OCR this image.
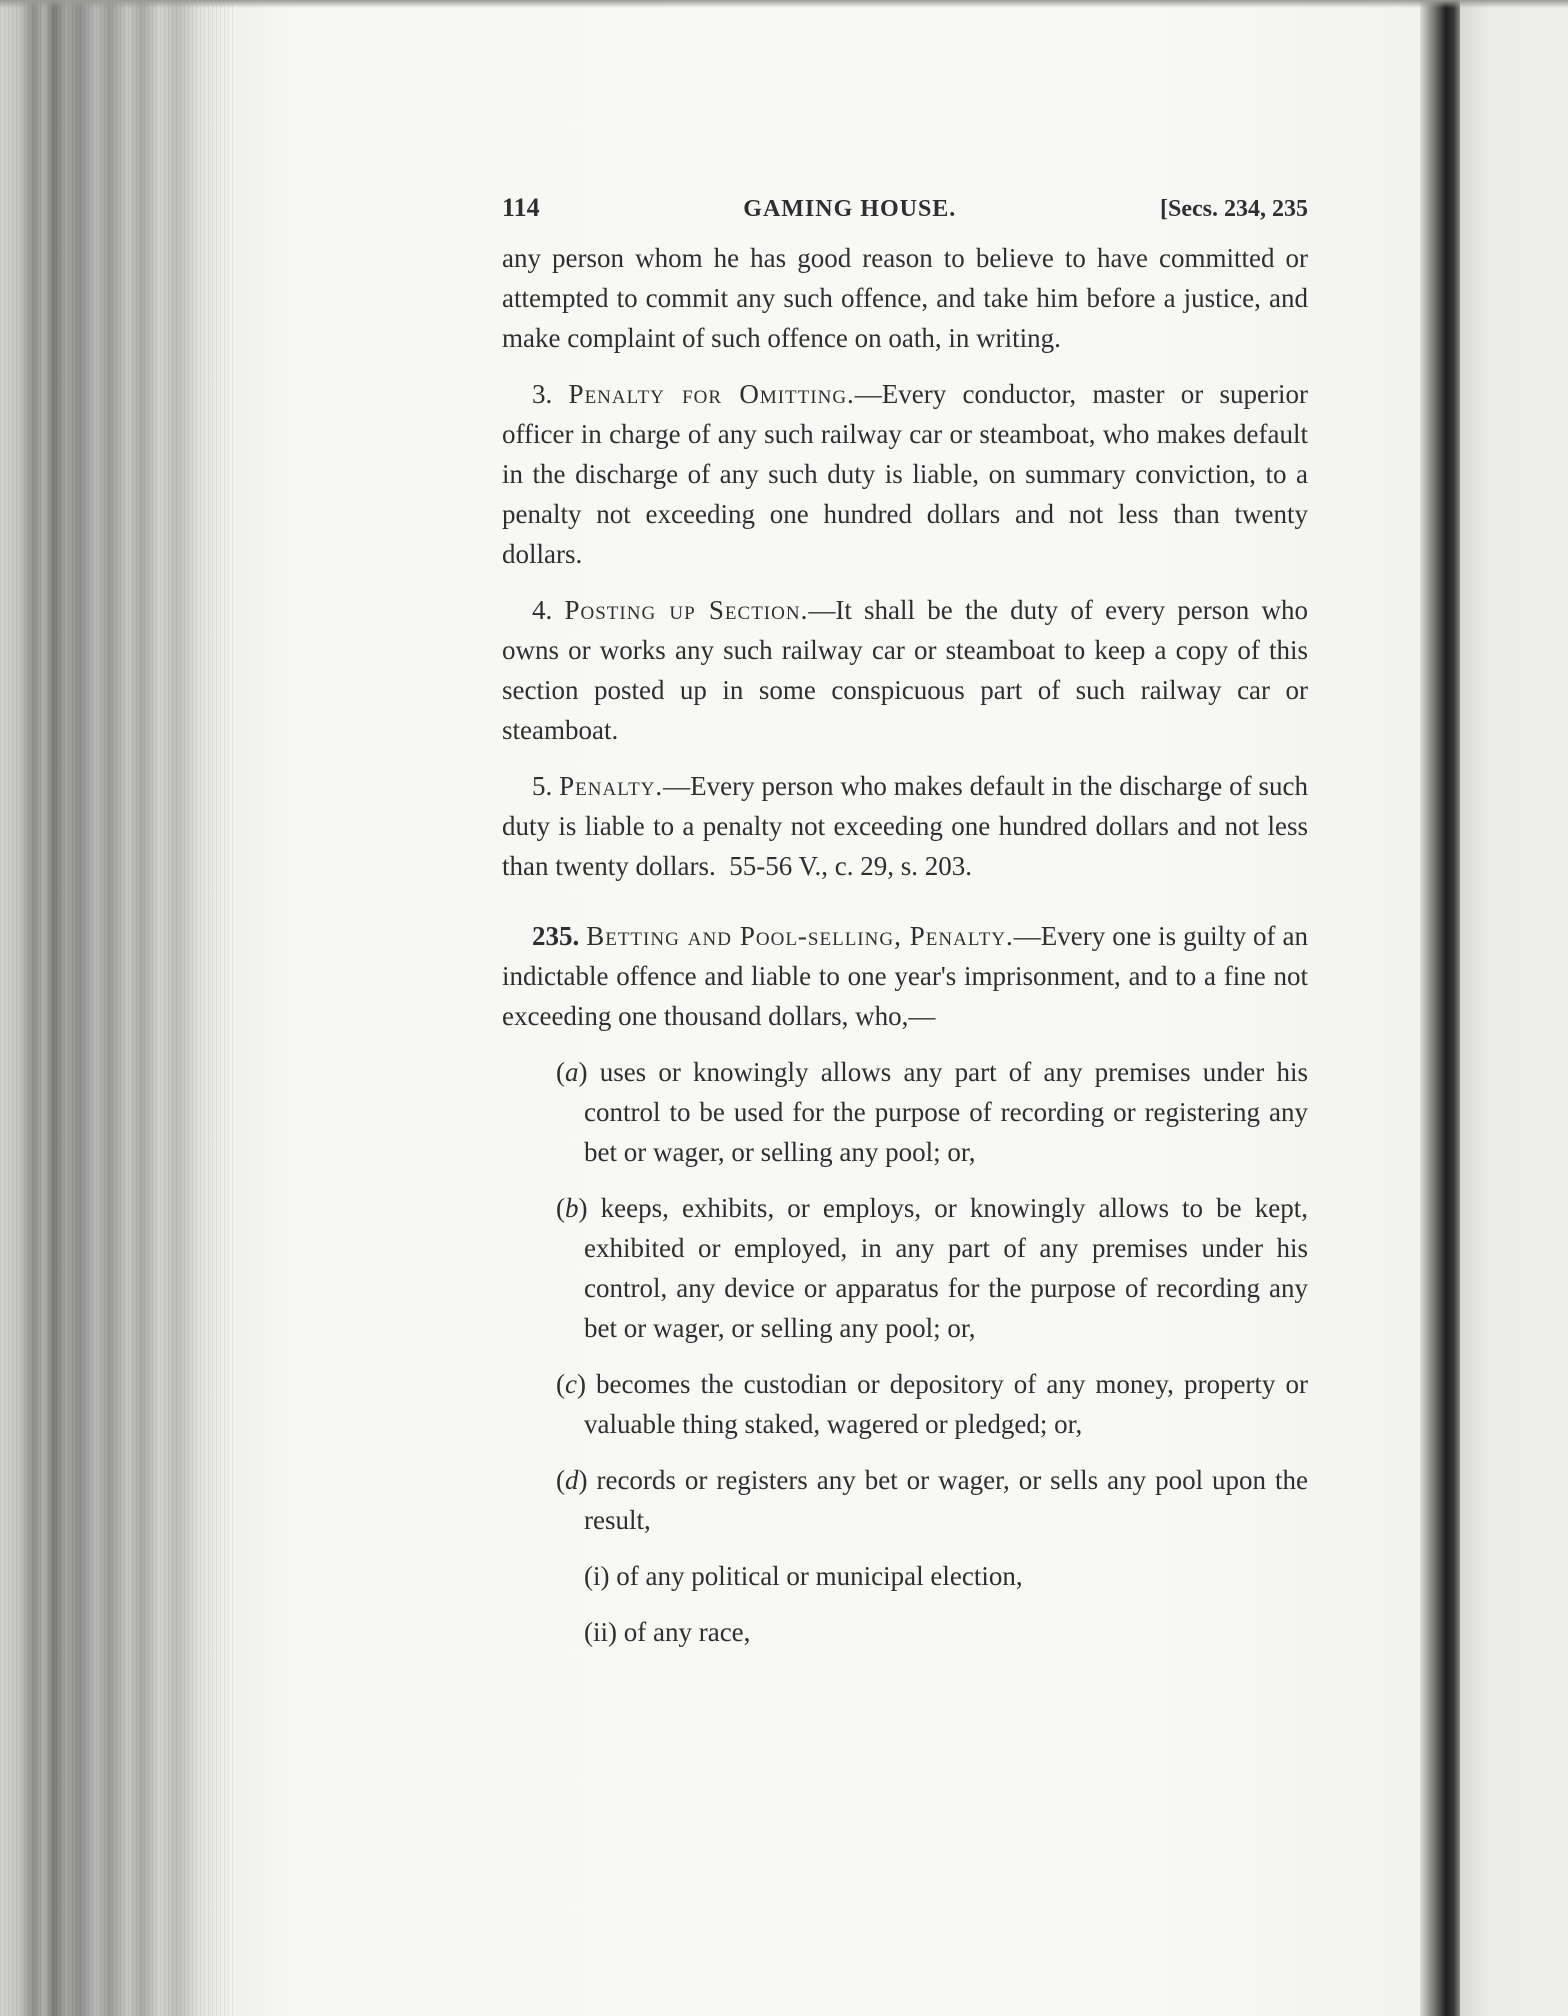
114	GAMING HOUSE.	[Secs. 234, 235

any person whom he has good reason to believe to have committed or attempted to commit any such offence, and take him before a justice, and make complaint of such offence on oath, in writing.

3. Penalty for Omitting.—Every conductor, master or superior officer in charge of any such railway car or steamboat, who makes default in the discharge of any such duty is liable, on summary conviction, to a penalty not exceeding one hundred dollars and not less than twenty dollars.

4. Posting up Section.—It shall be the duty of every person who owns or works any such railway car or steamboat to keep a copy of this section posted up in some conspicuous part of such railway car or steamboat.

5. Penalty.—Every person who makes default in the discharge of such duty is liable to a penalty not exceeding one hundred dollars and not less than twenty dollars. 55-56 V., c. 29, s. 203.

235. Betting and Pool-selling, Penalty.—Every one is guilty of an indictable offence and liable to one year's imprisonment, and to a fine not exceeding one thousand dollars, who,—

(a) uses or knowingly allows any part of any premises under his control to be used for the purpose of recording or registering any bet or wager, or selling any pool; or,

(b) keeps, exhibits, or employs, or knowingly allows to be kept, exhibited or employed, in any part of any premises under his control, any device or apparatus for the purpose of recording any bet or wager, or selling any pool; or,

(c) becomes the custodian or depository of any money, property or valuable thing staked, wagered or pledged; or,

(d) records or registers any bet or wager, or sells any pool upon the result,

(i) of any political or municipal election,

(ii) of any race,
